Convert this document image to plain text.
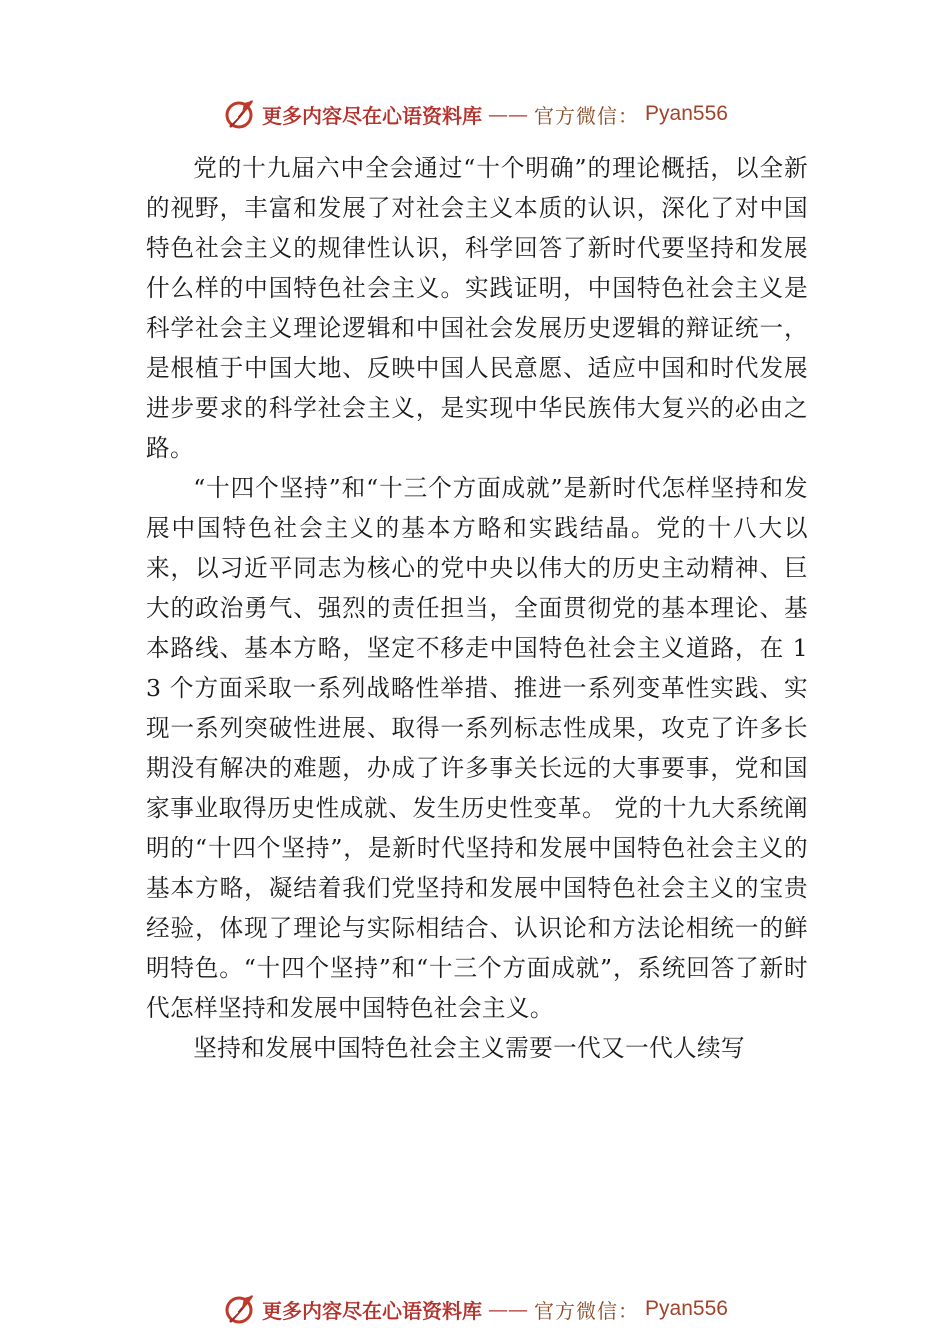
更多内容尽在心语资料库 —— 官方微信： Pyan556

党的十九届六中全会通过“十个明确”的理论概括，以全新的视野，丰富和发展了对社会主义本质的认识，深化了对中国特色社会主义的规律性认识，科学回答了新时代要坚持和发展什么样的中国特色社会主义。实践证明，中国特色社会主义是科学社会主义理论逻辑和中国社会发展历史逻辑的辩证统一，是根植于中国大地、反映中国人民意愿、适应中国和时代发展进步要求的科学社会主义，是实现中华民族伟大复兴的必由之路。

“十四个坚持”和“十三个方面成就”是新时代怎样坚持和发展中国特色社会主义的基本方略和实践结晶。党的十八大以来，以习近平同志为核心的党中央以伟大的历史主动精神、巨大的政治勇气、强烈的责任担当，全面贯彻党的基本理论、基本路线、基本方略，坚定不移走中国特色社会主义道路，在 13 个方面采取一系列战略性举措、推进一系列变革性实践、实现一系列突破性进展、取得一系列标志性成果，攻克了许多长期没有解决的难题，办成了许多事关长远的大事要事，党和国家事业取得历史性成就、发生历史性变革。 党的十九大系统阐明的“十四个坚持”，是新时代坚持和发展中国特色社会主义的基本方略，凝结着我们党坚持和发展中国特色社会主义的宝贵经验，体现了理论与实际相结合、认识论和方法论相统一的鲜明特色。“十四个坚持”和“十三个方面成就”，系统回答了新时代怎样坚持和发展中国特色社会主义。

坚持和发展中国特色社会主义需要一代又一代人续写

更多内容尽在心语资料库 —— 官方微信： Pyan556
